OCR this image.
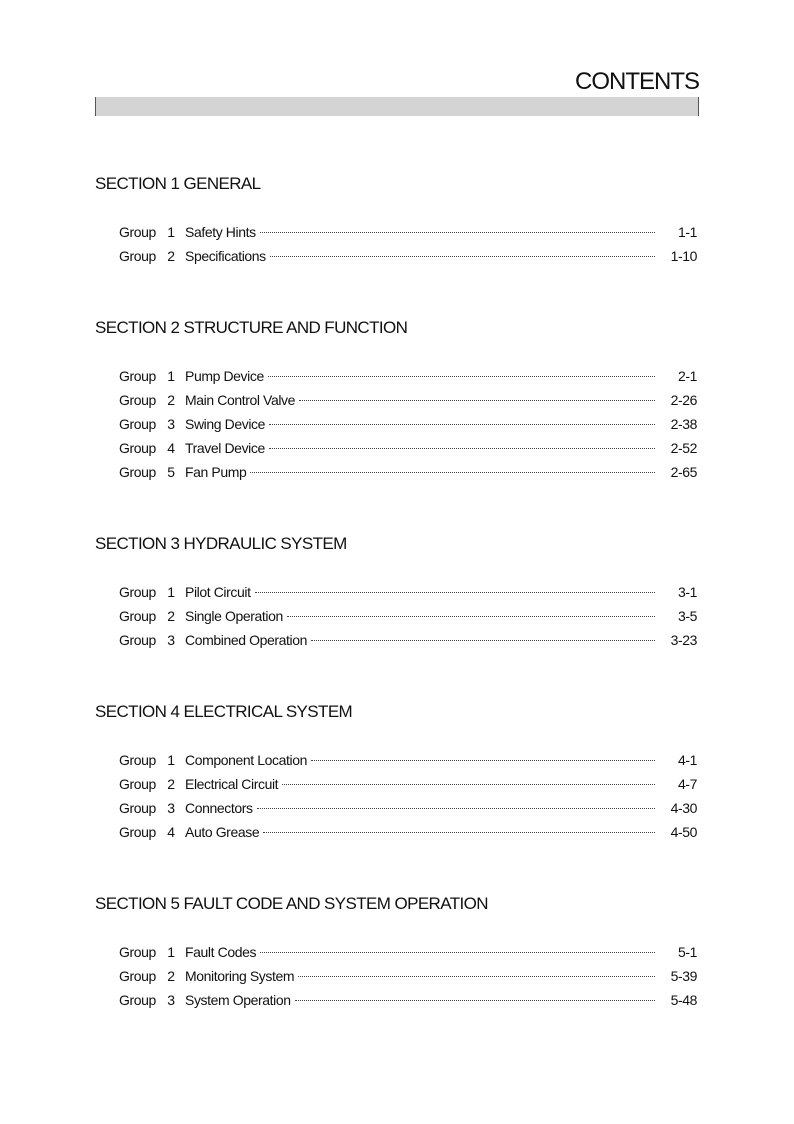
CONTENTS
SECTION 1 GENERAL
Group 1 Safety Hints	1-1
Group 2 Specifications	1-10
SECTION 2 STRUCTURE AND FUNCTION
Group 1 Pump Device	2-1
Group 2 Main Control Valve	2-26
Group 3 Swing Device	2-38
Group 4 Travel Device	2-52
Group 5 Fan Pump	2-65
SECTION 3 HYDRAULIC SYSTEM
Group 1 Pilot Circuit	3-1
Group 2 Single Operation	3-5
Group 3 Combined Operation	3-23
SECTION 4 ELECTRICAL SYSTEM
Group 1 Component Location	4-1
Group 2 Electrical Circuit	4-7
Group 3 Connectors	4-30
Group 4 Auto Grease	4-50
SECTION 5 FAULT CODE AND SYSTEM OPERATION
Group 1 Fault Codes	5-1
Group 2 Monitoring System	5-39
Group 3 System Operation	5-48
